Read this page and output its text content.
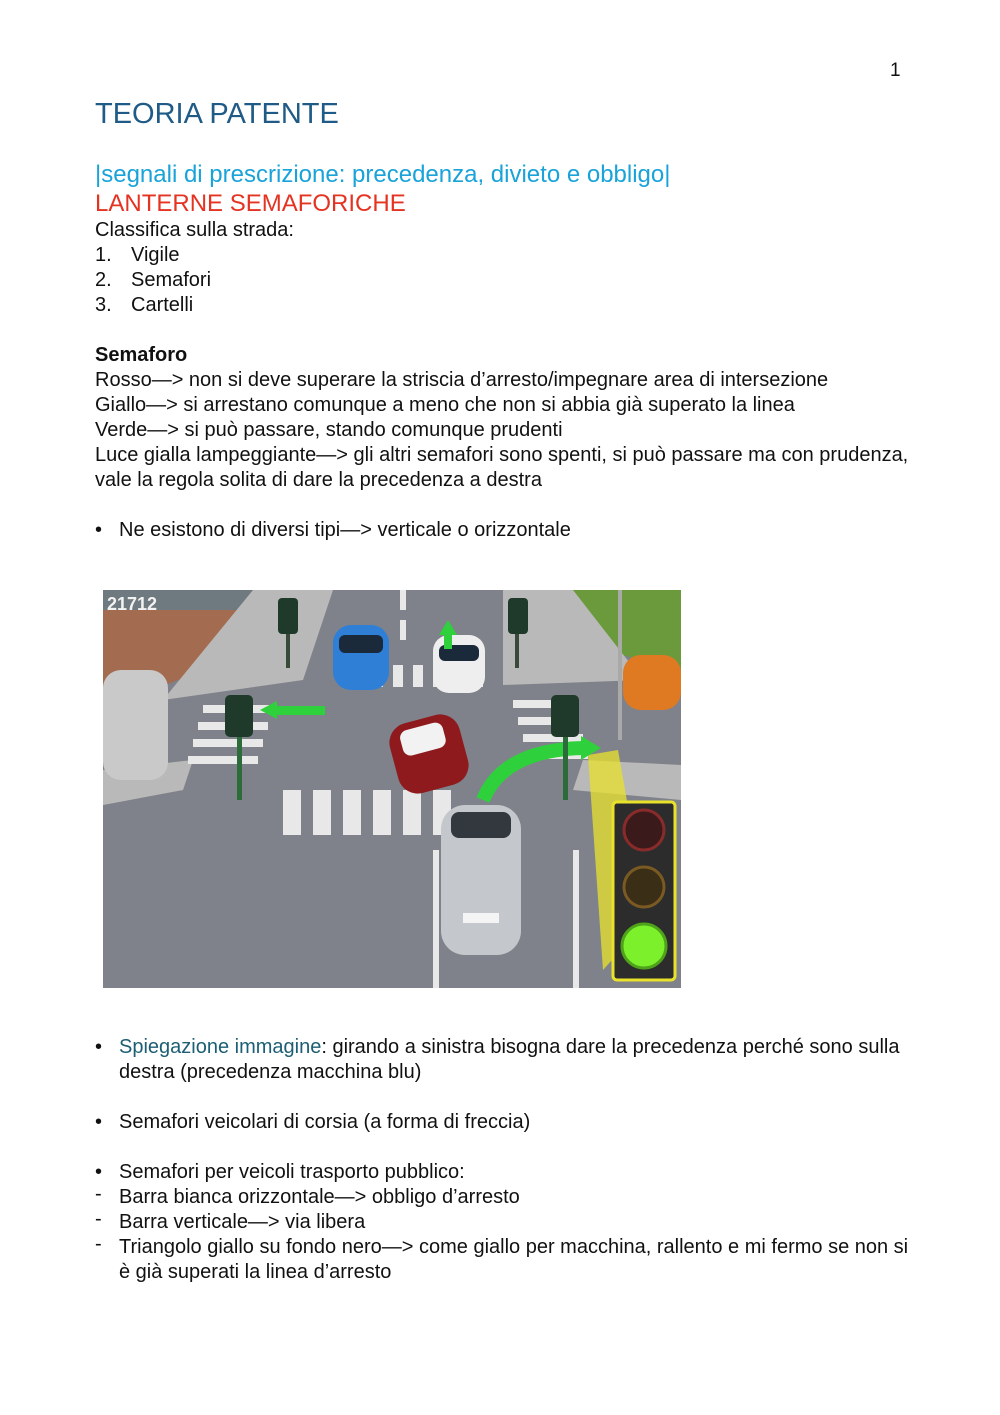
1
TEORIA PATENTE
|segnali di prescrizione: precedenza, divieto e obbligo|
LANTERNE SEMAFORICHE
Classifica sulla strada:
1. Vigile
2. Semafori
3. Cartelli
Semaforo
Rosso—> non si deve superare la striscia d’arresto/impegnare area di intersezione
Giallo—> si arrestano comunque a meno che non si abbia già superato la linea
Verde—> si può passare, stando comunque prudenti
Luce gialla lampeggiante—> gli altri semafori sono spenti, si può passare ma con prudenza, vale la regola solita di dare la precedenza a destra
• Ne esistono di diversi tipi—> verticale o orizzontale
21712
• Spiegazione immagine: girando a sinistra bisogna dare la precedenza perché sono sulla destra (precedenza macchina blu)
• Semafori veicolari di corsia (a forma di freccia)
• Semafori per veicoli trasporto pubblico:
- Barra bianca orizzontale—> obbligo d’arresto
- Barra verticale—> via libera
- Triangolo giallo su fondo nero—> come giallo per macchina, rallento e mi fermo se non si è già superati la linea d’arresto
